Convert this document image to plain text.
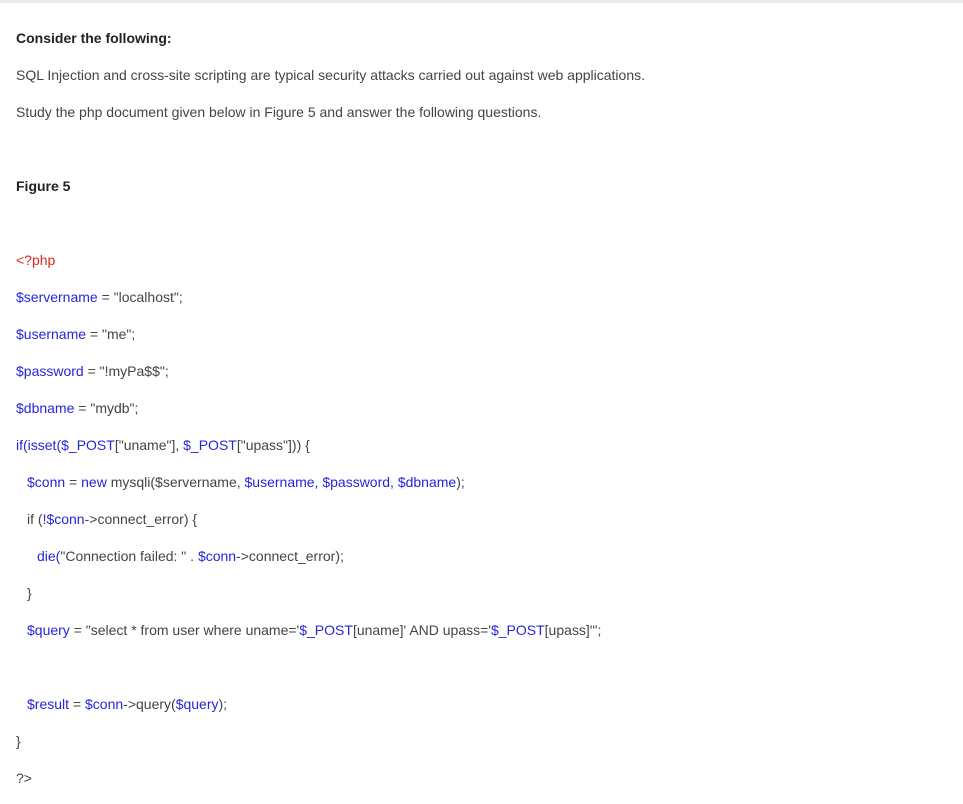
Consider the following:
SQL Injection and cross-site scripting are typical security attacks carried out against web applications.
Study the php document given below in Figure 5 and answer the following questions.
Figure 5
<?php
$servername = "localhost";
$username = "me";
$password = "!myPa$$";
$dbname = "mydb";
if(isset($_POST["uname"], $_POST["upass"])) {
$conn = new mysqli($servername, $username, $password, $dbname);
if (!$conn->connect_error) {
die("Connection failed: " . $conn->connect_error);
}
$query = "select * from user where uname='$_POST[uname]' AND upass='$_POST[upass]'";
$result = $conn->query($query);
}
?>
